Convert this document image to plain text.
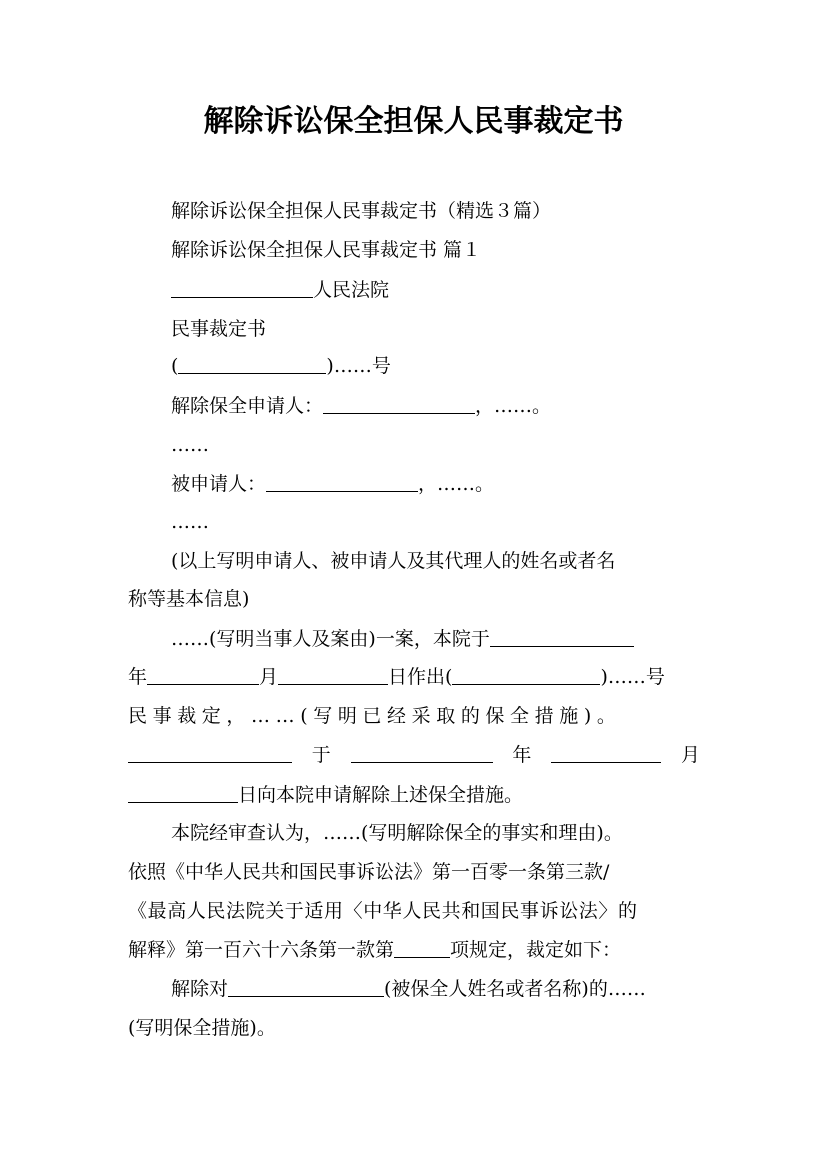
解除诉讼保全担保人民事裁定书
解除诉讼保全担保人民事裁定书（精选３篇）
解除诉讼保全担保人民事裁定书 篇１
人民法院
民事裁定书
(	)……号
解除保全申请人：	，……。
……
被申请人：	，……。
……
(以上写明申请人、被申请人及其代理人的姓名或者名
称等基本信息)
……(写明当事人及案由)一案，本院于
年	月	日作出(	)……号
民事裁定，……(写明已经采取的保全措施)。
于	年	月
日向本院申请解除上述保全措施。
本院经审查认为，……(写明解除保全的事实和理由)。
依照《中华人民共和国民事诉讼法》第一百零一条第三款/
《最高人民法院关于适用〈中华人民共和国民事诉讼法〉的
解释》第一百六十六条第一款第	项规定，裁定如下：
解除对	(被保全人姓名或者名称)的……
(写明保全措施)。
